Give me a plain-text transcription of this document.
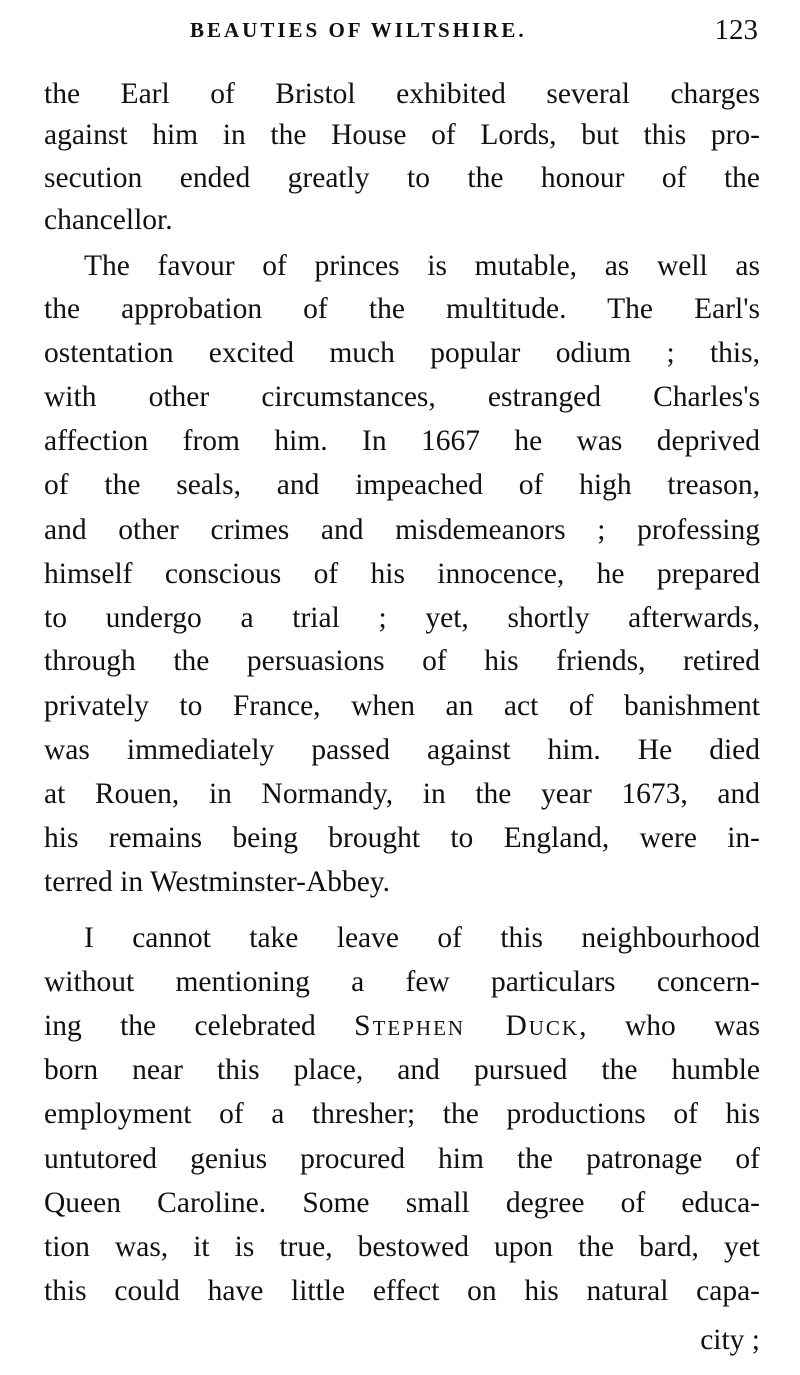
BEAUTIES OF WILTSHIRE.	123
the Earl of Bristol exhibited several charges
against him in the House of Lords, but this pro-
secution ended greatly to the honour of the
chancellor.
The favour of princes is mutable, as well as
the approbation of the multitude. The Earl's
ostentation excited much popular odium ; this,
with other circumstances, estranged Charles's
affection from him. In 1667 he was deprived
of the seals, and impeached of high treason,
and other crimes and misdemeanors ; professing
himself conscious of his innocence, he prepared
to undergo a trial ; yet, shortly afterwards,
through the persuasions of his friends, retired
privately to France, when an act of banishment
was immediately passed against him. He died
at Rouen, in Normandy, in the year 1673, and
his remains being brought to England, were in-
terred in Westminster-Abbey.
I cannot take leave of this neighbourhood
without mentioning a few particulars concern-
ing the celebrated Stephen Duck, who was
born near this place, and pursued the humble
employment of a thresher; the productions of his
untutored genius procured him the patronage of
Queen Caroline. Some small degree of educa-
tion was, it is true, bestowed upon the bard, yet
this could have little effect on his natural capa-
city ;
